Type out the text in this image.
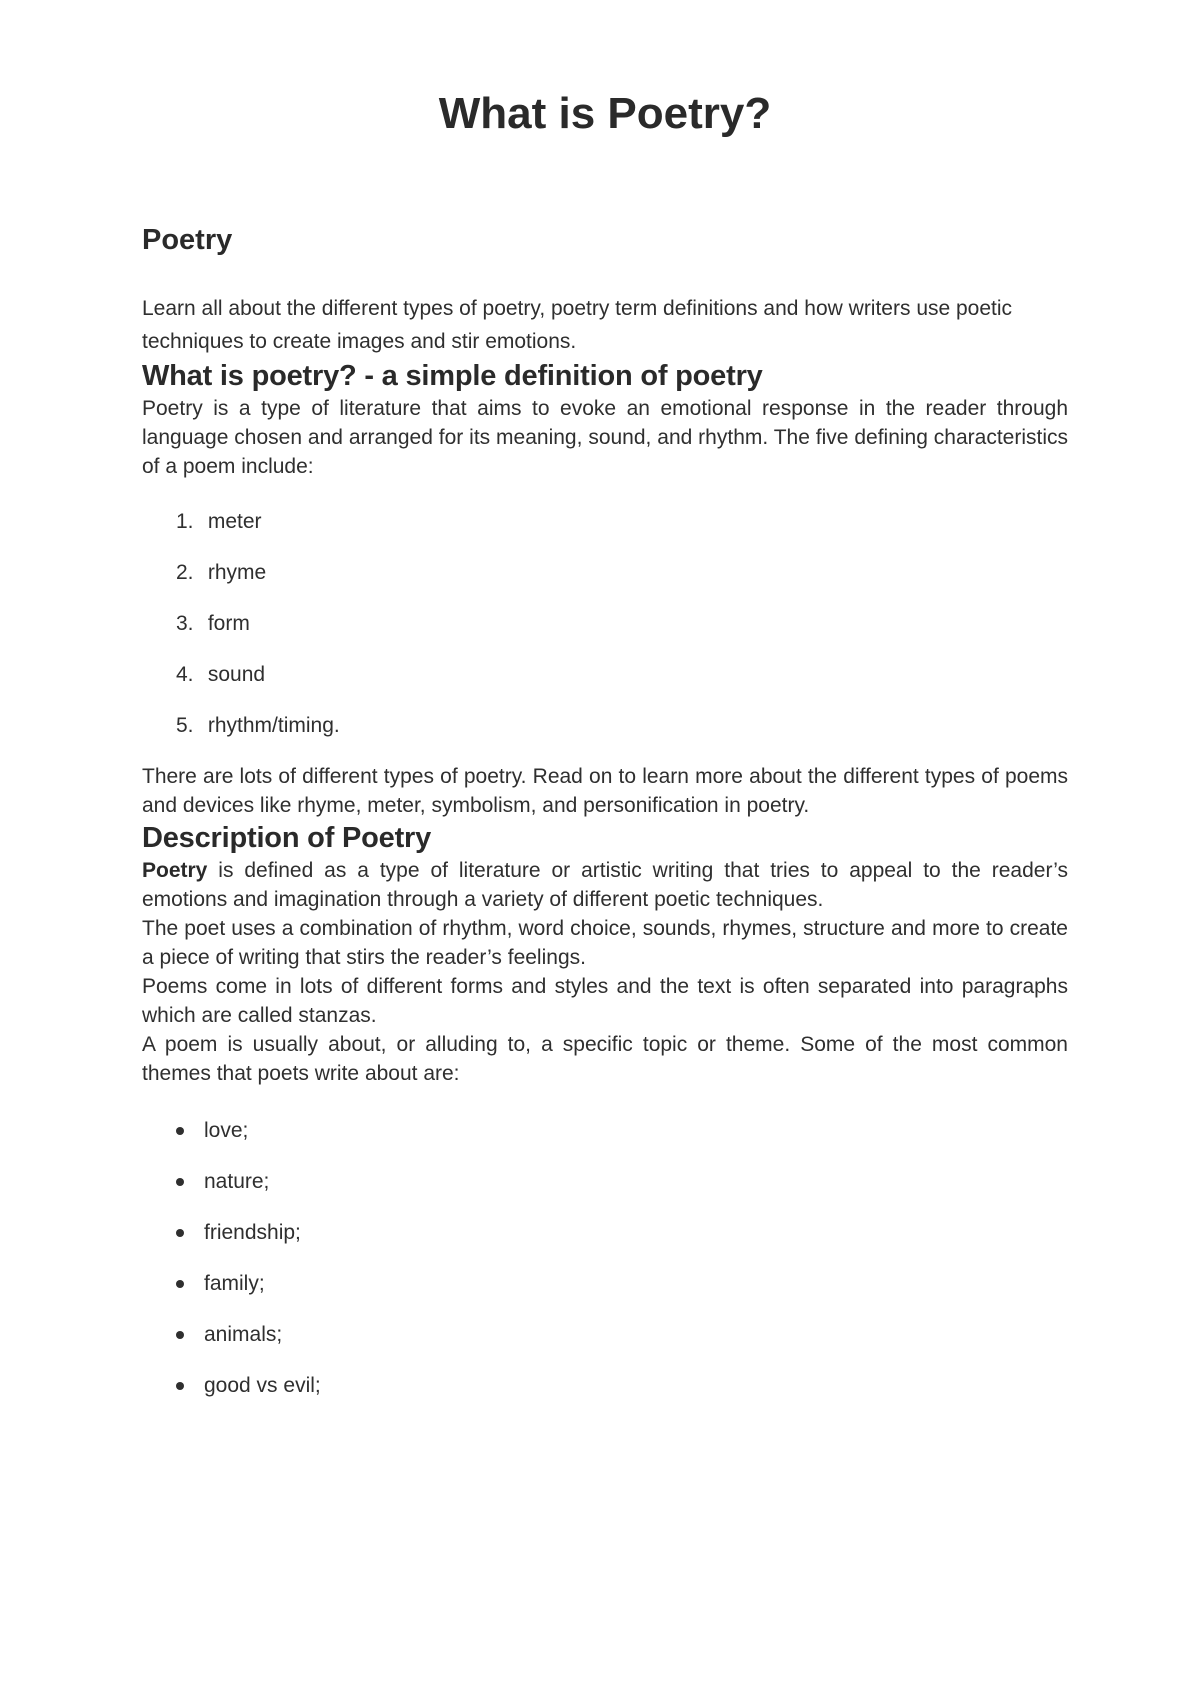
What is Poetry?
Poetry

Learn all about the different types of poetry, poetry term definitions and how writers use poetic techniques to create images and stir emotions.

What is poetry? - a simple definition of poetry

Poetry is a type of literature that aims to evoke an emotional response in the reader through language chosen and arranged for its meaning, sound, and rhythm. The five defining characteristics of a poem include:

1. meter
2. rhyme
3. form
4. sound
5. rhythm/timing.

There are lots of different types of poetry. Read on to learn more about the different types of poems and devices like rhyme, meter, symbolism, and personification in poetry.

Description of Poetry

Poetry is defined as a type of literature or artistic writing that tries to appeal to the reader’s emotions and imagination through a variety of different poetic techniques.

The poet uses a combination of rhythm, word choice, sounds, rhymes, structure and more to create a piece of writing that stirs the reader’s feelings.

Poems come in lots of different forms and styles and the text is often separated into paragraphs which are called stanzas.

A poem is usually about, or alluding to, a specific topic or theme. Some of the most common themes that poets write about are:

love;
nature;
friendship;
family;
animals;
good vs evil;
